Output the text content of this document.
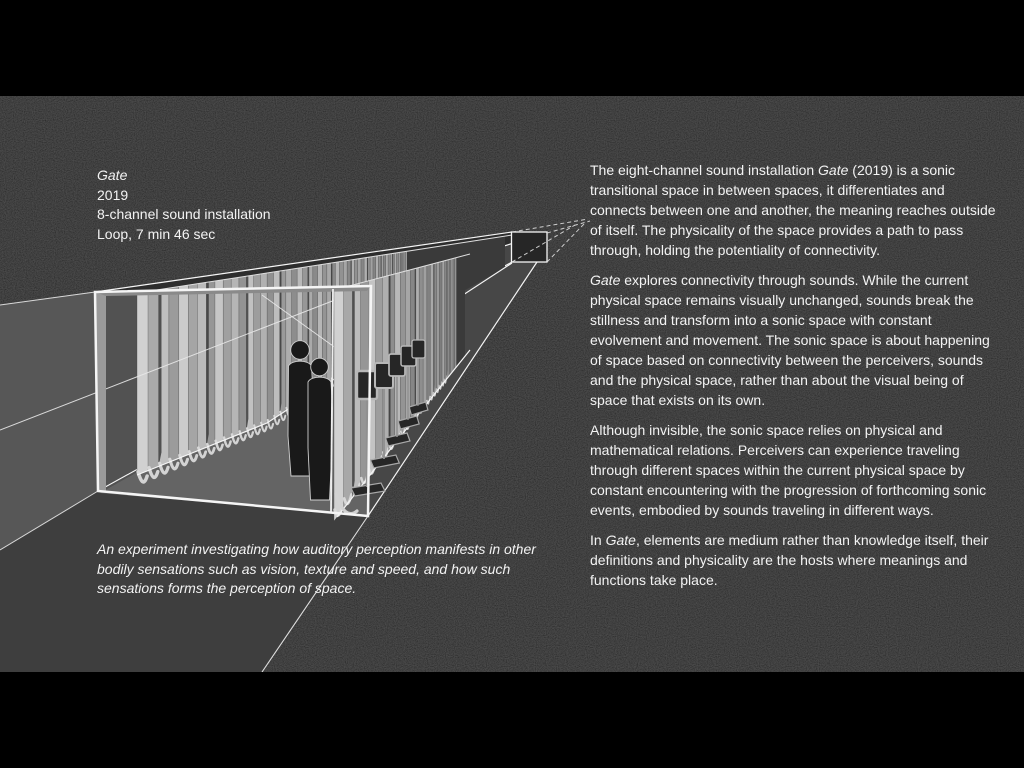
Gate
2019
8-channel sound installation
Loop, 7 min 46 sec
An experiment investigating how auditory perception manifests in other bodily sensations such as vision, texture and speed, and how such sensations forms the perception of space.

The eight-channel sound installation Gate (2019) is a sonic transitional space in between spaces, it differentiates and connects between one and another, the meaning reaches outside of itself. The physicality of the space provides a path to pass through, holding the potentiality of connectivity.

Gate explores connectivity through sounds. While the current physical space remains visually unchanged, sounds break the stillness and transform into a sonic space with constant evolvement and movement. The sonic space is about happening of space based on connectivity between the perceivers, sounds and the physical space, rather than about the visual being of space that exists on its own.

Although invisible, the sonic space relies on physical and mathematical relations. Perceivers can experience traveling through different spaces within the current physical space by constant encountering with the progression of forthcoming sonic events, embodied by sounds traveling in different ways.

In Gate, elements are medium rather than knowledge itself, their definitions and physicality are the hosts where meanings and functions take place.
